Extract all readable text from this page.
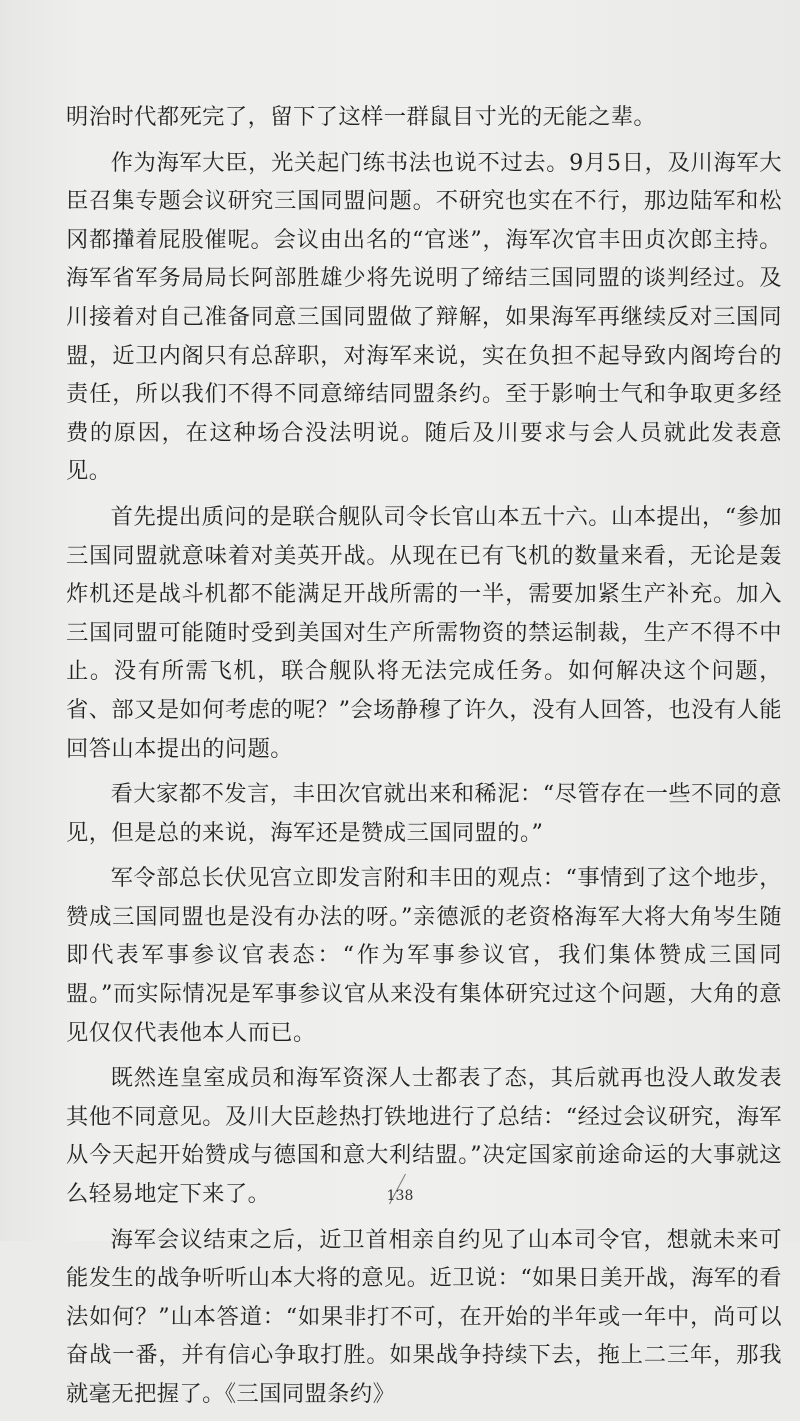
明治时代都死完了，留下了这样一群鼠目寸光的无能之辈。

作为海军大臣，光关起门练书法也说不过去。9月5日，及川海军大臣召集专题会议研究三国同盟问题。不研究也实在不行，那边陆军和松冈都攆着屁股催呢。会议由出名的“官迷”，海军次官丰田贞次郎主持。海军省军务局局长阿部胜雄少将先说明了缔结三国同盟的谈判经过。及川接着对自己准备同意三国同盟做了辩解，如果海军再继续反对三国同盟，近卫内阁只有总辞职，对海军来说，实在负担不起导致内阁垮台的责任，所以我们不得不同意缔结同盟条约。至于影响士气和争取更多经费的原因，在这种场合没法明说。随后及川要求与会人员就此发表意见。

首先提出质问的是联合舰队司令长官山本五十六。山本提出，“参加三国同盟就意味着对美英开战。从现在已有飞机的数量来看，无论是轰炸机还是战斗机都不能满足开战所需的一半，需要加紧生产补充。加入三国同盟可能随时受到美国对生产所需物资的禁运制裁，生产不得不中止。没有所需飞机，联合舰队将无法完成任务。如何解决这个问题，省、部又是如何考虑的呢？”会场静穆了许久，没有人回答，也没有人能回答山本提出的问题。

看大家都不发言，丰田次官就出来和稀泥：“尽管存在一些不同的意见，但是总的来说，海军还是赞成三国同盟的。”

军令部总长伏见宫立即发言附和丰田的观点：“事情到了这个地步，赞成三国同盟也是没有办法的呀。”亲德派的老资格海军大将大角岑生随即代表军事参议官表态：“作为军事参议官，我们集体赞成三国同盟。”而实际情况是军事参议官从来没有集体研究过这个问题，大角的意见仅仅代表他本人而已。

既然连皇室成员和海军资深人士都表了态，其后就再也没人敢发表其他不同意见。及川大臣趁热打铁地进行了总结：“经过会议研究，海军从今天起开始赞成与德国和意大利结盟。”决定国家前途命运的大事就这么轻易地定下来了。

海军会议结束之后，近卫首相亲自约见了山本司令官，想就未来可能发生的战争听听山本大将的意见。近卫说：“如果日美开战，海军的看法如何？”山本答道：“如果非打不可，在开始的半年或一年中，尚可以奋战一番，并有信心争取打胜。如果战争持续下去，拖上二三年，那我就毫无把握了。《三国同盟条约》

138
